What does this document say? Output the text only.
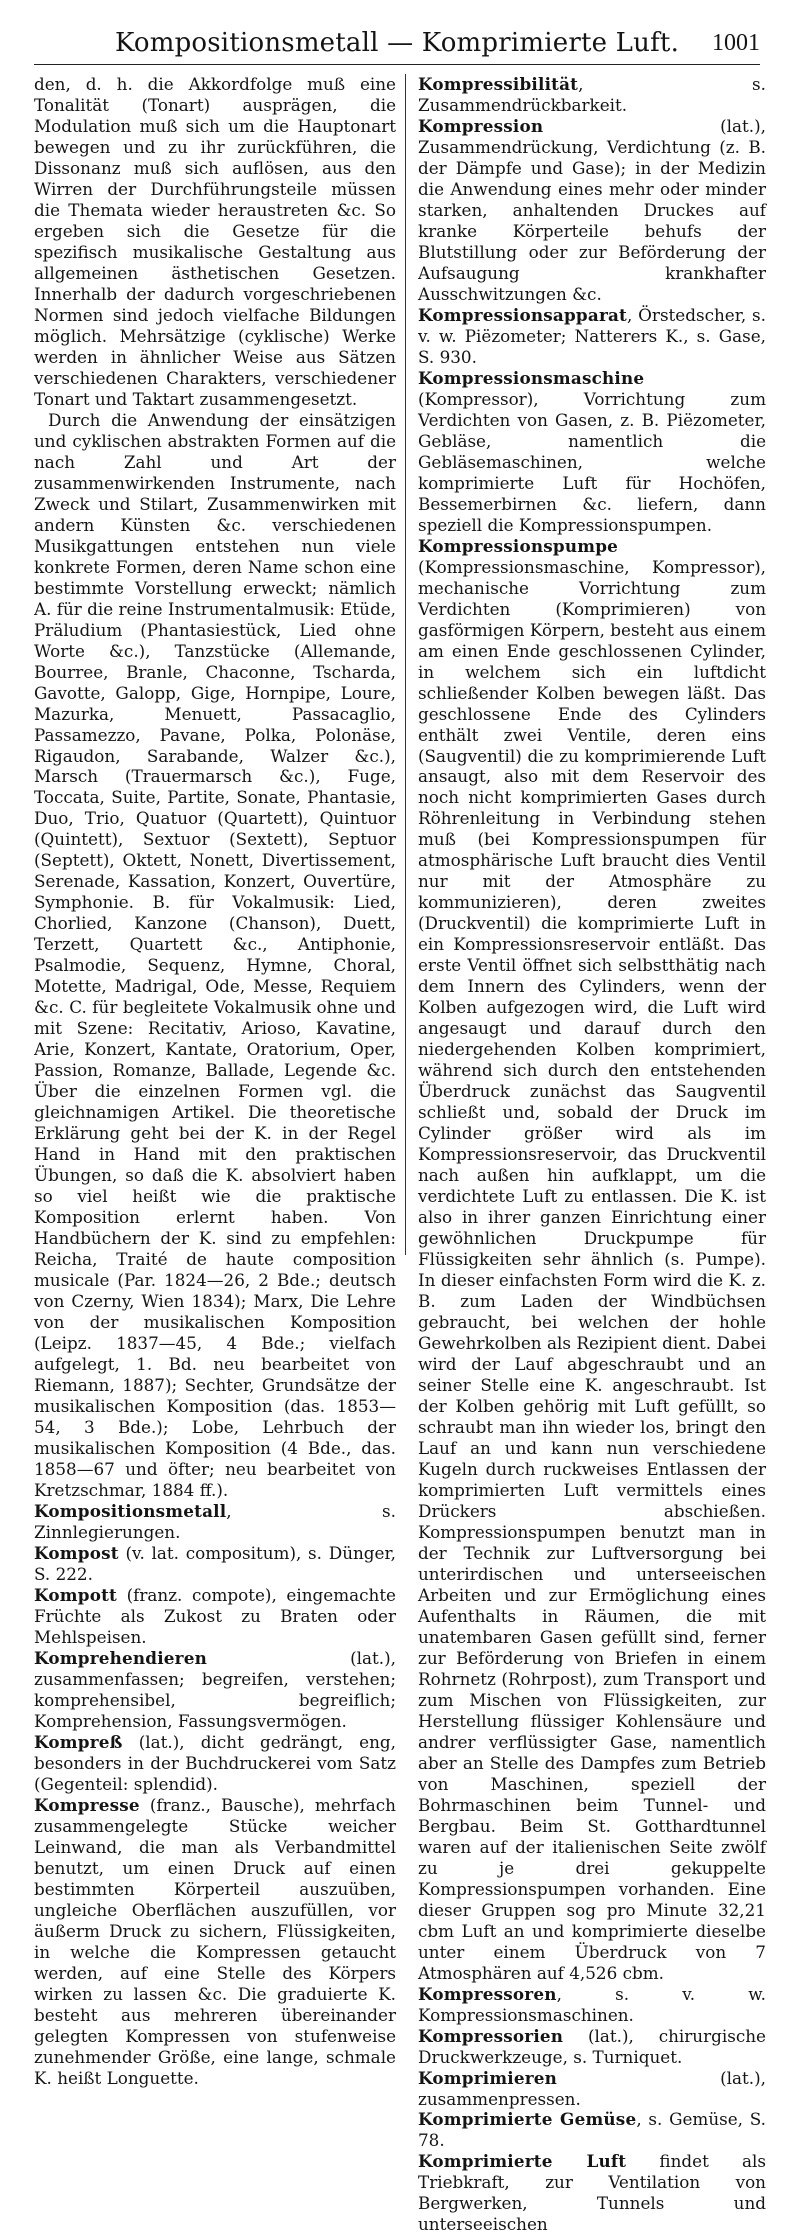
Kompositionsmetall — Komprimierte Luft.	1001

den, d. h. die Akkordfolge muß eine Tonalität (Tonart) ausprägen, die Modulation muß sich um die Hauptonart bewegen und zu ihr zurückführen, die Dissonanz muß sich auflösen, aus den Wirren der Durchführungsteile müssen die Themata wieder heraustreten &c. So ergeben sich die Gesetze für die spezifisch musikalische Gestaltung aus allgemeinen ästhetischen Gesetzen. Innerhalb der dadurch vorgeschriebenen Normen sind jedoch vielfache Bildungen möglich. Mehrsätzige (cyklische) Werke werden in ähnlicher Weise aus Sätzen verschiedenen Charakters, verschiedener Tonart und Taktart zusammengesetzt.

Durch die Anwendung der einsätzigen und cyklischen abstrakten Formen auf die nach Zahl und Art der zusammenwirkenden Instrumente, nach Zweck und Stilart, Zusammenwirken mit andern Künsten &c. verschiedenen Musikgattungen entstehen nun viele konkrete Formen, deren Name schon eine bestimmte Vorstellung erweckt; nämlich A. für die reine Instrumentalmusik: Etüde, Präludium (Phantasiestück, Lied ohne Worte &c.), Tanzstücke (Allemande, Bourree, Branle, Chaconne, Tscharda, Gavotte, Galopp, Gige, Hornpipe, Loure, Mazurka, Menuett, Passacaglio, Passamezzo, Pavane, Polka, Polonäse, Rigaudon, Sarabande, Walzer &c.), Marsch (Trauermarsch &c.), Fuge, Toccata, Suite, Partite, Sonate, Phantasie, Duo, Trio, Quatuor (Quartett), Quintuor (Quintett), Sextuor (Sextett), Septuor (Septett), Oktett, Nonett, Divertissement, Serenade, Kassation, Konzert, Ouvertüre, Symphonie. B. für Vokalmusik: Lied, Chorlied, Kanzone (Chanson), Duett, Terzett, Quartett &c., Antiphonie, Psalmodie, Sequenz, Hymne, Choral, Motette, Madrigal, Ode, Messe, Requiem &c. C. für begleitete Vokalmusik ohne und mit Szene: Recitativ, Arioso, Kavatine, Arie, Konzert, Kantate, Oratorium, Oper, Passion, Romanze, Ballade, Legende &c. Über die einzelnen Formen vgl. die gleichnamigen Artikel. Die theoretische Erklärung geht bei der K. in der Regel Hand in Hand mit den praktischen Übungen, so daß die K. absolviert haben so viel heißt wie die praktische Komposition erlernt haben. Von Handbüchern der K. sind zu empfehlen: Reicha, Traité de haute composition musicale (Par. 1824—26, 2 Bde.; deutsch von Czerny, Wien 1834); Marx, Die Lehre von der musikalischen Komposition (Leipz. 1837—45, 4 Bde.; vielfach aufgelegt, 1. Bd. neu bearbeitet von Riemann, 1887); Sechter, Grundsätze der musikalischen Komposition (das. 1853—54, 3 Bde.); Lobe, Lehrbuch der musikalischen Komposition (4 Bde., das. 1858—67 und öfter; neu bearbeitet von Kretzschmar, 1884 ff.).

Kompositionsmetall, s. Zinnlegierungen.

Kompost (v. lat. compositum), s. Dünger, S. 222.

Kompott (franz. compote), eingemachte Früchte als Zukost zu Braten oder Mehlspeisen.

Komprehendieren (lat.), zusammenfassen; begreifen, verstehen; komprehensibel, begreiflich; Komprehension, Fassungsvermögen.

Kompreß (lat.), dicht gedrängt, eng, besonders in der Buchdruckerei vom Satz (Gegenteil: splendid).

Kompresse (franz., Bausche), mehrfach zusammengelegte Stücke weicher Leinwand, die man als Verbandmittel benutzt, um einen Druck auf einen bestimmten Körperteil auszuüben, ungleiche Oberflächen auszufüllen, vor äußerm Druck zu sichern, Flüssigkeiten, in welche die Kompressen getaucht werden, auf eine Stelle des Körpers wirken zu lassen &c. Die graduierte K. besteht aus mehreren übereinander gelegten Kompressen von stufenweise zunehmender Größe, eine lange, schmale K. heißt Longuette.

Kompressibilität, s. Zusammendrückbarkeit.

Kompression (lat.), Zusammendrückung, Verdichtung (z. B. der Dämpfe und Gase); in der Medizin die Anwendung eines mehr oder minder starken, anhaltenden Druckes auf kranke Körperteile behufs der Blutstillung oder zur Beförderung der Aufsaugung krankhafter Ausschwitzungen &c.

Kompressionsapparat, Örstedscher, s. v. w. Piëzometer; Natterers K., s. Gase, S. 930.

Kompressionsmaschine (Kompressor), Vorrichtung zum Verdichten von Gasen, z. B. Piëzometer, Gebläse, namentlich die Gebläsemaschinen, welche komprimierte Luft für Hochöfen, Bessemerbirnen &c. liefern, dann speziell die Kompressionspumpen.

Kompressionspumpe (Kompressionsmaschine, Kompressor), mechanische Vorrichtung zum Verdichten (Komprimieren) von gasförmigen Körpern, besteht aus einem am einen Ende geschlossenen Cylinder, in welchem sich ein luftdicht schließender Kolben bewegen läßt. Das geschlossene Ende des Cylinders enthält zwei Ventile, deren eins (Saugventil) die zu komprimierende Luft ansaugt, also mit dem Reservoir des noch nicht komprimierten Gases durch Röhrenleitung in Verbindung stehen muß (bei Kompressionspumpen für atmosphärische Luft braucht dies Ventil nur mit der Atmosphäre zu kommunizieren), deren zweites (Druckventil) die komprimierte Luft in ein Kompressionsreservoir entläßt. Das erste Ventil öffnet sich selbstthätig nach dem Innern des Cylinders, wenn der Kolben aufgezogen wird, die Luft wird angesaugt und darauf durch den niedergehenden Kolben komprimiert, während sich durch den entstehenden Überdruck zunächst das Saugventil schließt und, sobald der Druck im Cylinder größer wird als im Kompressionsreservoir, das Druckventil nach außen hin aufklappt, um die verdichtete Luft zu entlassen. Die K. ist also in ihrer ganzen Einrichtung einer gewöhnlichen Druckpumpe für Flüssigkeiten sehr ähnlich (s. Pumpe). In dieser einfachsten Form wird die K. z. B. zum Laden der Windbüchsen gebraucht, bei welchen der hohle Gewehrkolben als Rezipient dient. Dabei wird der Lauf abgeschraubt und an seiner Stelle eine K. angeschraubt. Ist der Kolben gehörig mit Luft gefüllt, so schraubt man ihn wieder los, bringt den Lauf an und kann nun verschiedene Kugeln durch ruckweises Entlassen der komprimierten Luft vermittels eines Drückers abschießen. Kompressionspumpen benutzt man in der Technik zur Luftversorgung bei unterirdischen und unterseeischen Arbeiten und zur Ermöglichung eines Aufenthalts in Räumen, die mit unatembaren Gasen gefüllt sind, ferner zur Beförderung von Briefen in einem Rohrnetz (Rohrpost), zum Transport und zum Mischen von Flüssigkeiten, zur Herstellung flüssiger Kohlensäure und andrer verflüssigter Gase, namentlich aber an Stelle des Dampfes zum Betrieb von Maschinen, speziell der Bohrmaschinen beim Tunnel- und Bergbau. Beim St. Gotthardtunnel waren auf der italienischen Seite zwölf zu je drei gekuppelte Kompressionspumpen vorhanden. Eine dieser Gruppen sog pro Minute 32,21 cbm Luft an und komprimierte dieselbe unter einem Überdruck von 7 Atmosphären auf 4,526 cbm.

Kompressoren, s. v. w. Kompressionsmaschinen.

Kompressorien (lat.), chirurgische Druckwerkzeuge, s. Turniquet.

Komprimieren (lat.), zusammenpressen.

Komprimierte Gemüse, s. Gemüse, S. 78.

Komprimierte Luft findet als Triebkraft, zur Ventilation von Bergwerken, Tunnels und unterseeischen
